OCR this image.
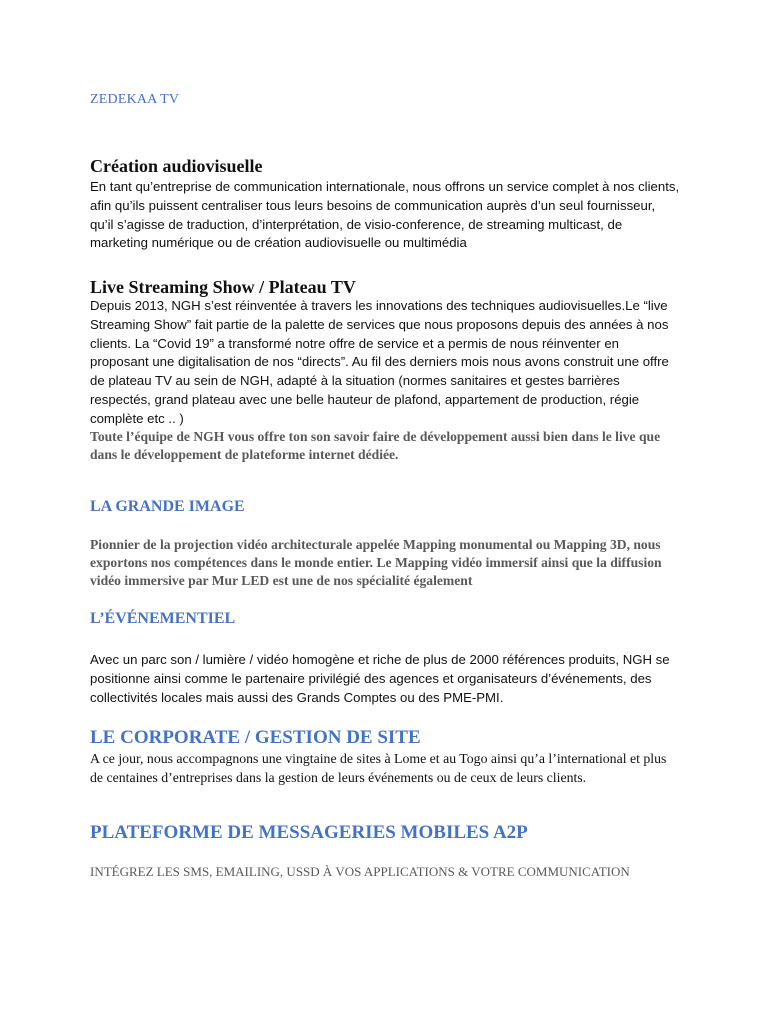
ZEDEKAA TV

Création audiovisuelle

En tant qu’entreprise de communication internationale, nous offrons un service complet à nos clients, afin qu’ils puissent centraliser tous leurs besoins de communication auprès d’un seul fournisseur, qu’il s’agisse de traduction, d’interprétation, de visio-conference, de streaming multicast, de marketing numérique ou de création audiovisuelle ou multimédia

Live Streaming Show / Plateau TV

Depuis 2013, NGH s’est réinventée à travers les innovations des techniques audiovisuelles.Le “live Streaming Show” fait partie de la palette de services que nous proposons depuis des années à nos clients. La “Covid 19” a transformé notre offre de service et a permis de nous réinventer en proposant une digitalisation de nos “directs”. Au fil des derniers mois nous avons construit une offre de plateau TV au sein de NGH, adapté à la situation (normes sanitaires et gestes barrières respectés, grand plateau avec une belle hauteur de plafond, appartement de production, régie complète etc .. )

Toute l’équipe de NGH vous offre ton son savoir faire de développement aussi bien dans le live que dans le développement de plateforme internet dédiée.

LA GRANDE IMAGE

Pionnier de la projection vidéo architecturale appelée Mapping monumental ou Mapping 3D, nous exportons nos compétences dans le monde entier. Le Mapping vidéo immersif ainsi que la diffusion vidéo immersive par Mur LED est une de nos spécialité également

L’ÉVÉNEMENTIEL

Avec un parc son / lumière / vidéo homogène et riche de plus de 2000 références produits, NGH se positionne ainsi comme le partenaire privilégié des agences et organisateurs d’événements, des collectivités locales mais aussi des Grands Comptes ou des PME-PMI.

LE CORPORATE / GESTION DE SITE

A ce jour, nous accompagnons une vingtaine de sites à Lome et au Togo ainsi qu’a l’international et plus de centaines d’entreprises dans la gestion de leurs événements ou de ceux de leurs clients.

PLATEFORME DE MESSAGERIES MOBILES A2P

INTÉGREZ LES SMS, EMAILING, USSD À VOS APPLICATIONS & VOTRE COMMUNICATION
